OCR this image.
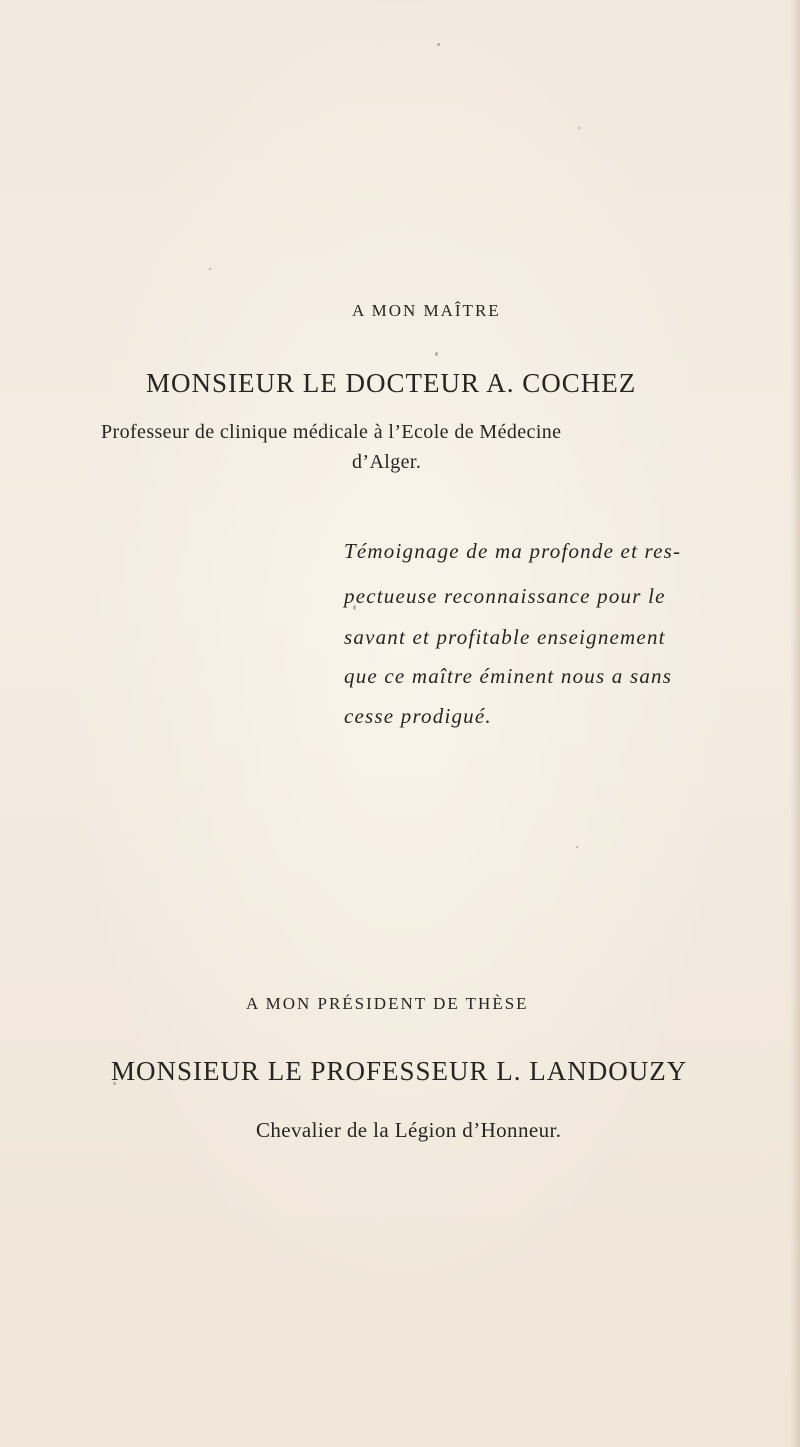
A MON MAÎTRE
MONSIEUR LE DOCTEUR A. COCHEZ
Professeur de clinique médicale à l’Ecole de Médecine
d’Alger.
Témoignage de ma profonde et res-
pectueuse reconnaissance pour le
savant et profitable enseignement
que ce maître éminent nous a sans
cesse prodigué.
A MON PRÉSIDENT DE THÈSE
MONSIEUR LE PROFESSEUR L. LANDOUZY
Chevalier de la Légion d’Honneur.
